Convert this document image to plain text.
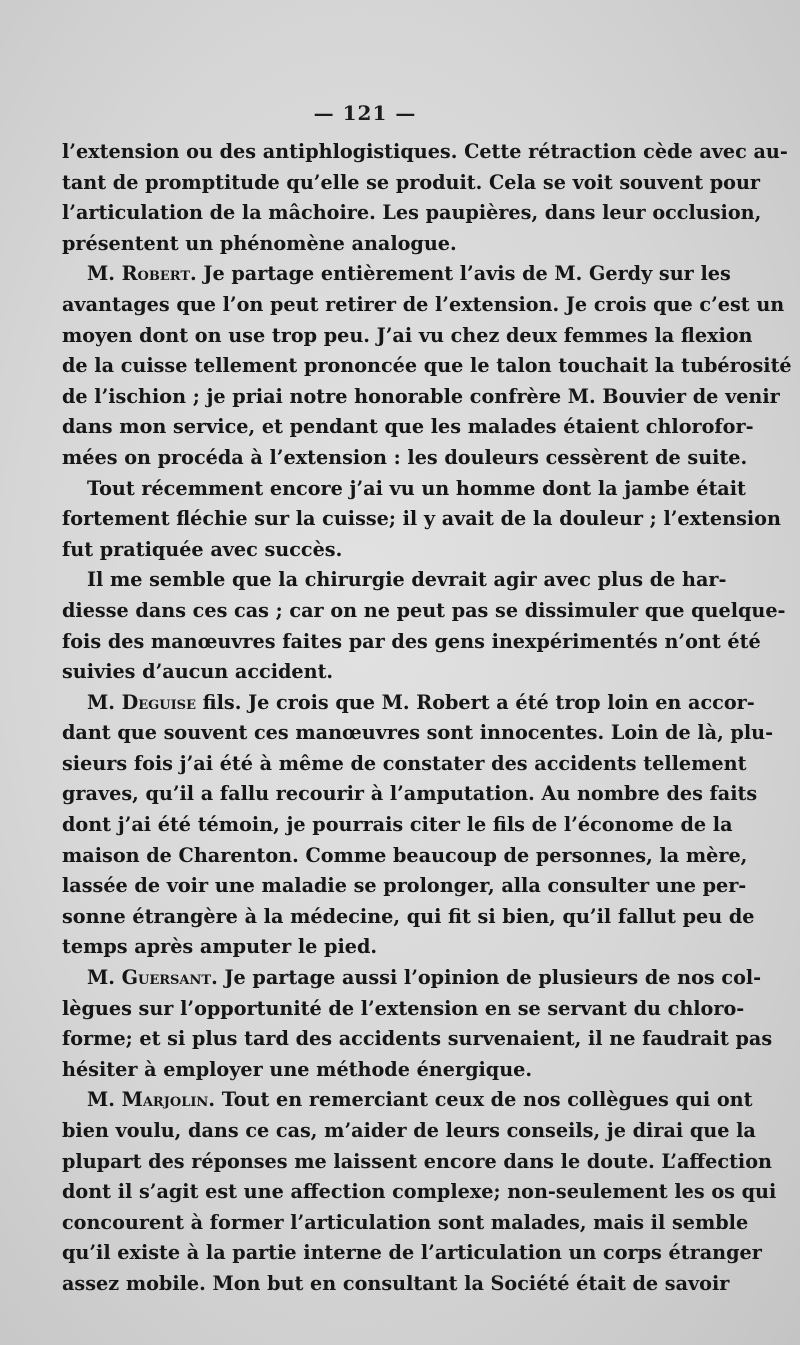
— 121 —
l’extension ou des antiphlogistiques. Cette rétraction cède avec au-
tant de promptitude qu’elle se produit. Cela se voit souvent pour
l’articulation de la mâchoire. Les paupières, dans leur occlusion,
présentent un phénomène analogue.
M. Robert. Je partage entièrement l’avis de M. Gerdy sur les
avantages que l’on peut retirer de l’extension. Je crois que c’est un
moyen dont on use trop peu. J’ai vu chez deux femmes la flexion
de la cuisse tellement prononcée que le talon touchait la tubérosité
de l’ischion ; je priai notre honorable confrère M. Bouvier de venir
dans mon service, et pendant que les malades étaient chlorofor-
mées on procéda à l’extension : les douleurs cessèrent de suite.
Tout récemment encore j’ai vu un homme dont la jambe était
fortement fléchie sur la cuisse; il y avait de la douleur ; l’extension
fut pratiquée avec succès.
Il me semble que la chirurgie devrait agir avec plus de har-
diesse dans ces cas ; car on ne peut pas se dissimuler que quelque-
fois des manœuvres faites par des gens inexpérimentés n’ont été
suivies d’aucun accident.
M. Deguise fils. Je crois que M. Robert a été trop loin en accor-
dant que souvent ces manœuvres sont innocentes. Loin de là, plu-
sieurs fois j’ai été à même de constater des accidents tellement
graves, qu’il a fallu recourir à l’amputation. Au nombre des faits
dont j’ai été témoin, je pourrais citer le fils de l’économe de la
maison de Charenton. Comme beaucoup de personnes, la mère,
lassée de voir une maladie se prolonger, alla consulter une per-
sonne étrangère à la médecine, qui fit si bien, qu’il fallut peu de
temps après amputer le pied.
M. Guersant. Je partage aussi l’opinion de plusieurs de nos col-
lègues sur l’opportunité de l’extension en se servant du chloro-
forme; et si plus tard des accidents survenaient, il ne faudrait pas
hésiter à employer une méthode énergique.
M. Marjolin. Tout en remerciant ceux de nos collègues qui ont
bien voulu, dans ce cas, m’aider de leurs conseils, je dirai que la
plupart des réponses me laissent encore dans le doute. L’affection
dont il s’agit est une affection complexe; non-seulement les os qui
concourent à former l’articulation sont malades, mais il semble
qu’il existe à la partie interne de l’articulation un corps étranger
assez mobile. Mon but en consultant la Société était de savoir
